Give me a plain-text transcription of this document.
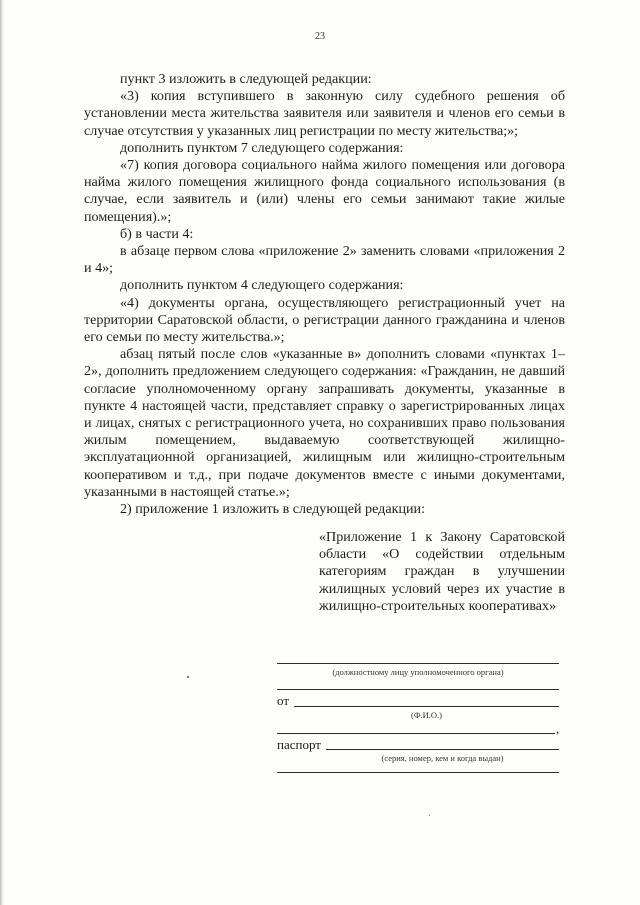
23

пункт 3 изложить в следующей редакции:

«3) копия вступившего в законную силу судебного решения об установлении места жительства заявителя или заявителя и членов его семьи в случае отсутствия у указанных лиц регистрации по месту жительства;»;

дополнить пунктом 7 следующего содержания:

«7) копия договора социального найма жилого помещения или договора найма жилого помещения жилищного фонда социального использования (в случае, если заявитель и (или) члены его семьи занимают такие жилые помещения).»;

б) в части 4:

в абзаце первом слова «приложение 2» заменить словами «приложения 2 и 4»;

дополнить пунктом 4 следующего содержания:

«4) документы органа, осуществляющего регистрационный учет на территории Саратовской области, о регистрации данного гражданина и членов его семьи по месту жительства.»;

абзац пятый после слов «указанные в» дополнить словами «пунктах 1–2», дополнить предложением следующего содержания: «Гражданин, не давший согласие уполномоченному органу запрашивать документы, указанные в пункте 4 настоящей части, представляет справку о зарегистрированных лицах и лицах, снятых с регистрационного учета, но сохранивших право пользования жилым помещением, выдаваемую соответствующей жилищно-эксплуатационной организацией, жилищным или жилищно-строительным кооперативом и т.д., при подаче документов вместе с иными документами, указанными в настоящей статье.»;

2) приложение 1 изложить в следующей редакции:

«Приложение 1 к Закону Саратовской области «О содействии отдельным категориям граждан в улучшении жилищных условий через их участие в жилищно-строительных кооперативах»

(должностному лицу уполномоченного органа)
от
(Ф.И.О.)
,
паспорт
(серия, номер, кем и когда выдан)
